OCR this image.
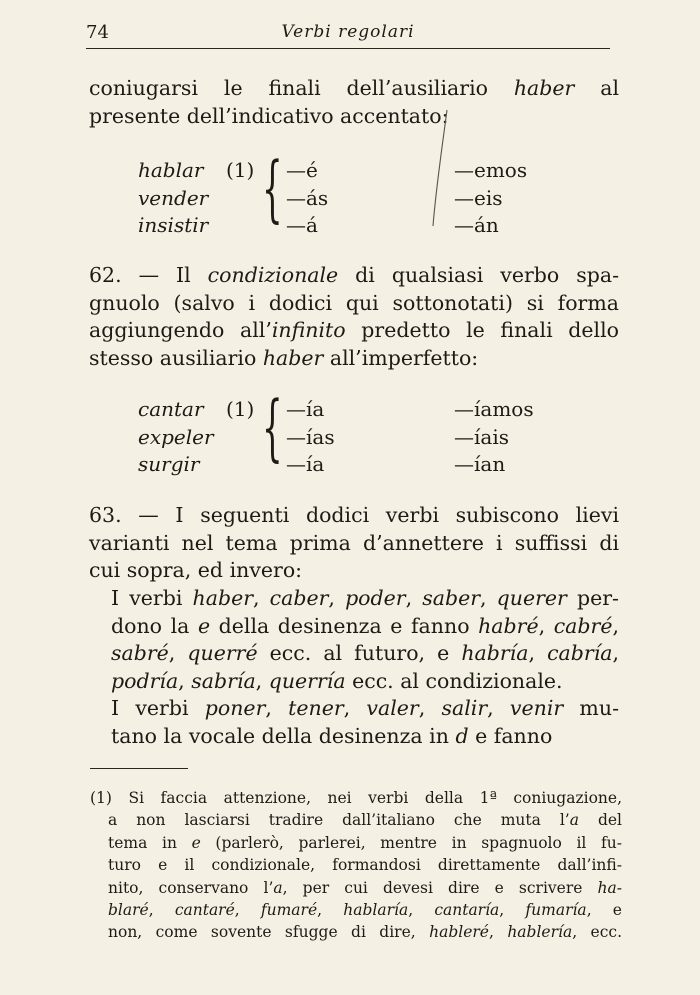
74	Verbi regolari
coniugarsi le finali dell’ausiliario haber al
presente dell’indicativo accentato:
hablar
vender
insistir
(1) { —é
—ás
—á
—emos
—eis
—án
62. — Il condizionale di qualsiasi verbo spa-
gnuolo (salvo i dodici qui sottonotati) si forma
aggiungendo all’infinito predetto le finali dello
stesso ausiliario haber all’imperfetto:
cantar
expeler
surgir
(1) { —ía
—ías
—ía
—íamos
—íais
—ían
63. — I seguenti dodici verbi subiscono lievi
varianti nel tema prima d’annettere i suffissi di
cui sopra, ed invero:
I verbi haber, caber, poder, saber, querer per-
dono la e della desinenza e fanno habré, cabré,
sabré, querré ecc. al futuro, e habría, cabría,
podría, sabría, querría ecc. al condizionale.
I verbi poner, tener, valer, salir, venir mu-
tano la vocale della desinenza in d e fanno
(1) Si faccia attenzione, nei verbi della 1ª coniugazione,
a non lasciarsi tradire dall’italiano che muta l’a del
tema in e (parlerò, parlerei, mentre in spagnuolo il fu-
turo e il condizionale, formandosi direttamente dall’infi-
nito, conservano l’a, per cui devesi dire e scrivere ha-
blaré, cantaré, fumaré, hablaría, cantaría, fumaría, e
non, come sovente sfugge di dire, hableré, hablería, ecc.
